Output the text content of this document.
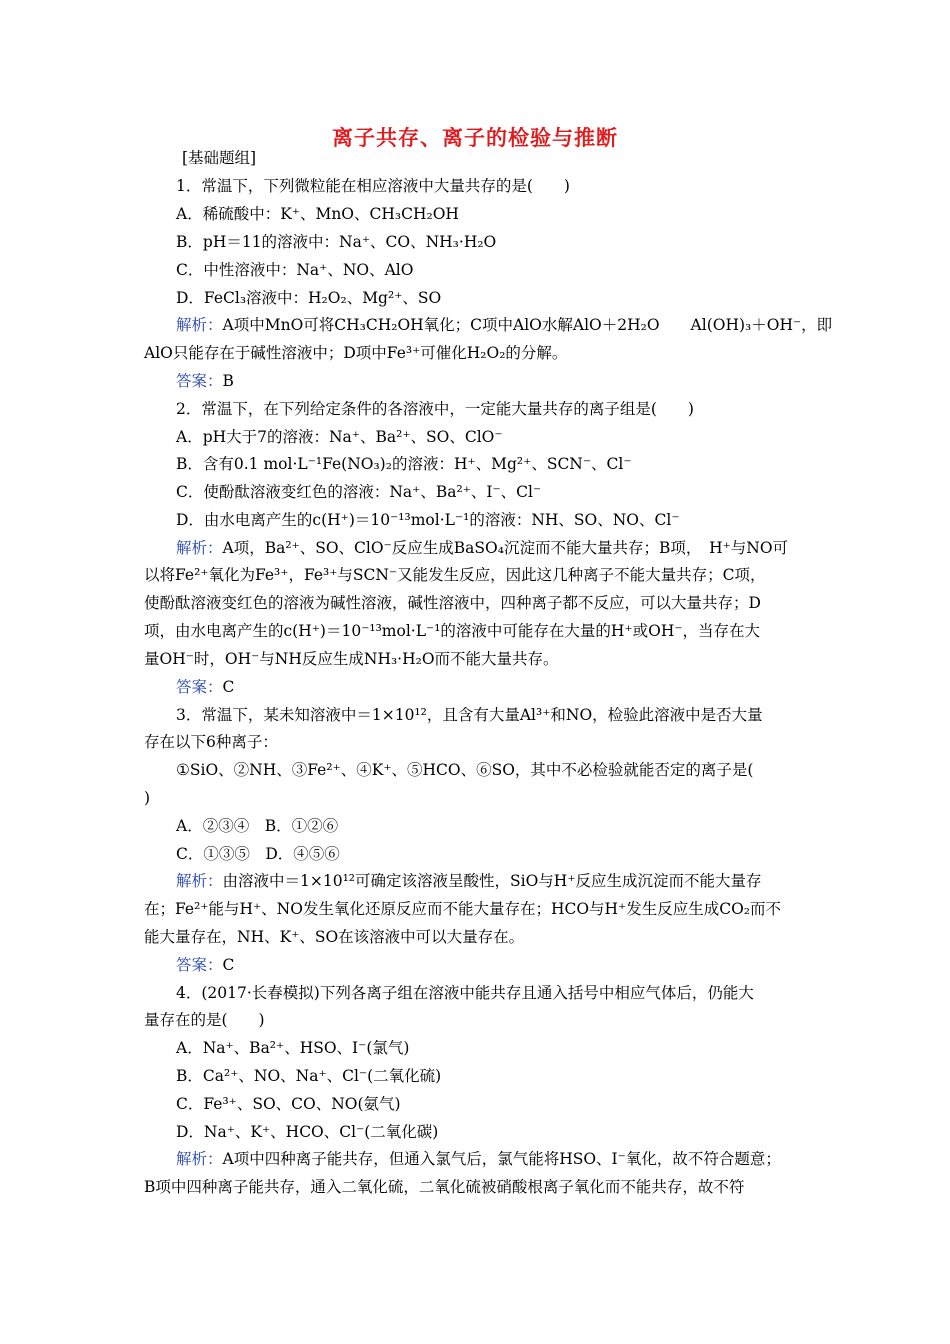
离子共存、离子的检验与推断
[基础题组]
1．常温下，下列微粒能在相应溶液中大量共存的是(　　)
A．稀硫酸中：K⁺、MnO、CH₃CH₂OH
B．pH＝11的溶液中：Na⁺、CO、NH₃·H₂O
C．中性溶液中：Na⁺、NO、AlO
D．FeCl₃溶液中：H₂O₂、Mg²⁺、SO
解析：A项中MnO可将CH₃CH₂OH氧化；C项中AlO水解AlO＋2H₂O　　Al(OH)₃＋OH⁻，即
AlO只能存在于碱性溶液中；D项中Fe³⁺可催化H₂O₂的分解。
答案：B
2．常温下，在下列给定条件的各溶液中，一定能大量共存的离子组是(　　)
A．pH大于7的溶液：Na⁺、Ba²⁺、SO、ClO⁻
B．含有0.1 mol·L⁻¹Fe(NO₃)₂的溶液：H⁺、Mg²⁺、SCN⁻、Cl⁻
C．使酚酞溶液变红色的溶液：Na⁺、Ba²⁺、I⁻、Cl⁻
D．由水电离产生的c(H⁺)＝10⁻¹³mol·L⁻¹的溶液：NH、SO、NO、Cl⁻
解析：A项，Ba²⁺、SO、ClO⁻反应生成BaSO₄沉淀而不能大量共存；B项，　H⁺与NO可
以将Fe²⁺氧化为Fe³⁺，Fe³⁺与SCN⁻又能发生反应，因此这几种离子不能大量共存；C项，
使酚酞溶液变红色的溶液为碱性溶液，碱性溶液中，四种离子都不反应，可以大量共存；D
项，由水电离产生的c(H⁺)＝10⁻¹³mol·L⁻¹的溶液中可能存在大量的H⁺或OH⁻，当存在大
量OH⁻时，OH⁻与NH反应生成NH₃·H₂O而不能大量共存。
答案：C
3．常温下，某未知溶液中＝1×10¹²，且含有大量Al³⁺和NO，检验此溶液中是否大量
存在以下6种离子：
①SiO、②NH、③Fe²⁺、④K⁺、⑤HCO、⑥SO，其中不必检验就能否定的离子是(
)
A．②③④　B．①②⑥
C．①③⑤　D．④⑤⑥
解析：由溶液中＝1×10¹²可确定该溶液呈酸性，SiO与H⁺反应生成沉淀而不能大量存
在；Fe²⁺能与H⁺、NO发生氧化还原反应而不能大量存在；HCO与H⁺发生反应生成CO₂而不
能大量存在，NH、K⁺、SO在该溶液中可以大量存在。
答案：C
4．(2017·长春模拟)下列各离子组在溶液中能共存且通入括号中相应气体后，仍能大
量存在的是(　　)
A．Na⁺、Ba²⁺、HSO、I⁻(氯气)
B．Ca²⁺、NO、Na⁺、Cl⁻(二氧化硫)
C．Fe³⁺、SO、CO、NO(氨气)
D．Na⁺、K⁺、HCO、Cl⁻(二氧化碳)
解析：A项中四种离子能共存，但通入氯气后，氯气能将HSO、I⁻氧化，故不符合题意；
B项中四种离子能共存，通入二氧化硫，二氧化硫被硝酸根离子氧化而不能共存，故不符
